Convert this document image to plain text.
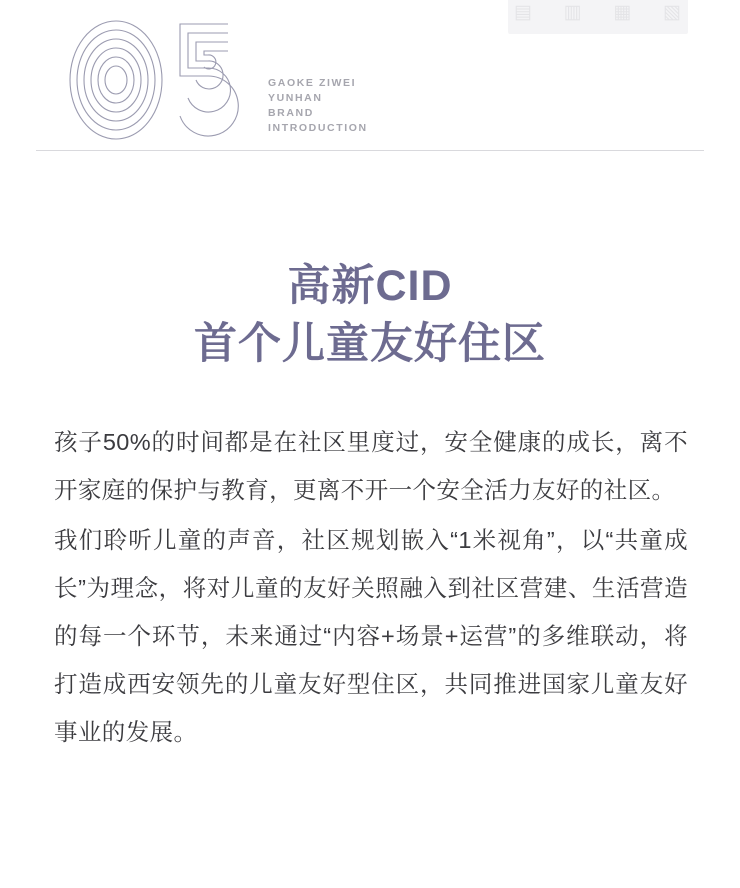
▤ ▥ ▦ ▧
GAOKE ZIWEI
YUNHAN
BRAND
INTRODUCTION
高新CID
首个儿童友好住区

孩子50%的时间都是在社区里度过，安全健康的成长，离不开家庭的保护与教育，更离不开一个安全活力友好的社区。

我们聆听儿童的声音，社区规划嵌入“1米视角”，以“共童成长”为理念，将对儿童的友好关照融入到社区营建、生活营造的每一个环节，未来通过“内容+场景+运营”的多维联动，将打造成西安领先的儿童友好型住区，共同推进国家儿童友好事业的发展。
